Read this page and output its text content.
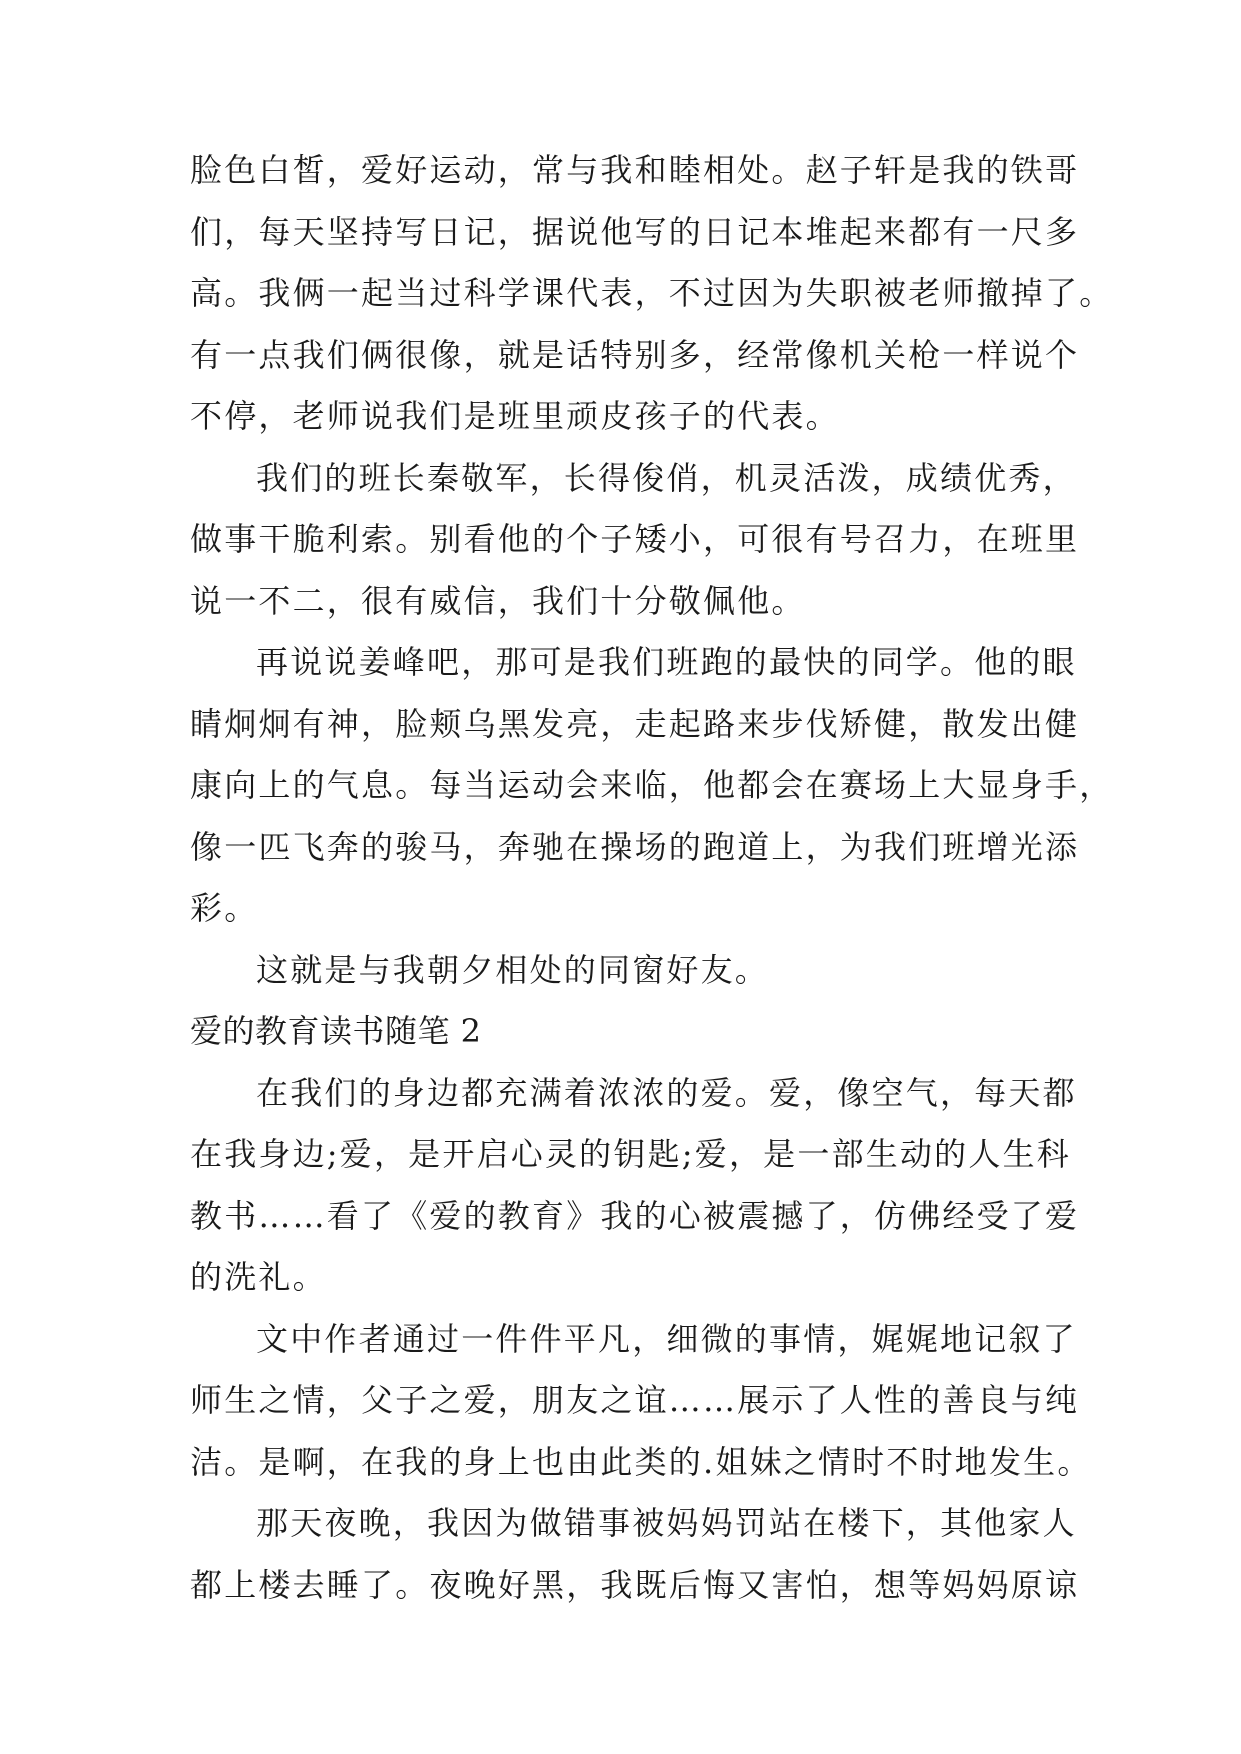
脸色白皙，爱好运动，常与我和睦相处。赵子轩是我的铁哥
们，每天坚持写日记，据说他写的日记本堆起来都有一尺多
高。我俩一起当过科学课代表，不过因为失职被老师撤掉了。
有一点我们俩很像，就是话特别多，经常像机关枪一样说个
不停，老师说我们是班里顽皮孩子的代表。
我们的班长秦敬军，长得俊俏，机灵活泼，成绩优秀，
做事干脆利索。别看他的个子矮小，可很有号召力，在班里
说一不二，很有威信，我们十分敬佩他。
再说说姜峰吧，那可是我们班跑的最快的同学。他的眼
睛炯炯有神，脸颊乌黑发亮，走起路来步伐矫健，散发出健
康向上的气息。每当运动会来临，他都会在赛场上大显身手，
像一匹飞奔的骏马，奔驰在操场的跑道上，为我们班增光添
彩。
这就是与我朝夕相处的同窗好友。
爱的教育读书随笔 2
在我们的身边都充满着浓浓的爱。爱，像空气，每天都
在我身边;爱，是开启心灵的钥匙;爱，是一部生动的人生科
教书……看了《爱的教育》我的心被震撼了，仿佛经受了爱
的洗礼。
文中作者通过一件件平凡，细微的事情，娓娓地记叙了
师生之情，父子之爱，朋友之谊……展示了人性的善良与纯
洁。是啊，在我的身上也由此类的.姐妹之情时不时地发生。
那天夜晚，我因为做错事被妈妈罚站在楼下，其他家人
都上楼去睡了。夜晚好黑，我既后悔又害怕，想等妈妈原谅
